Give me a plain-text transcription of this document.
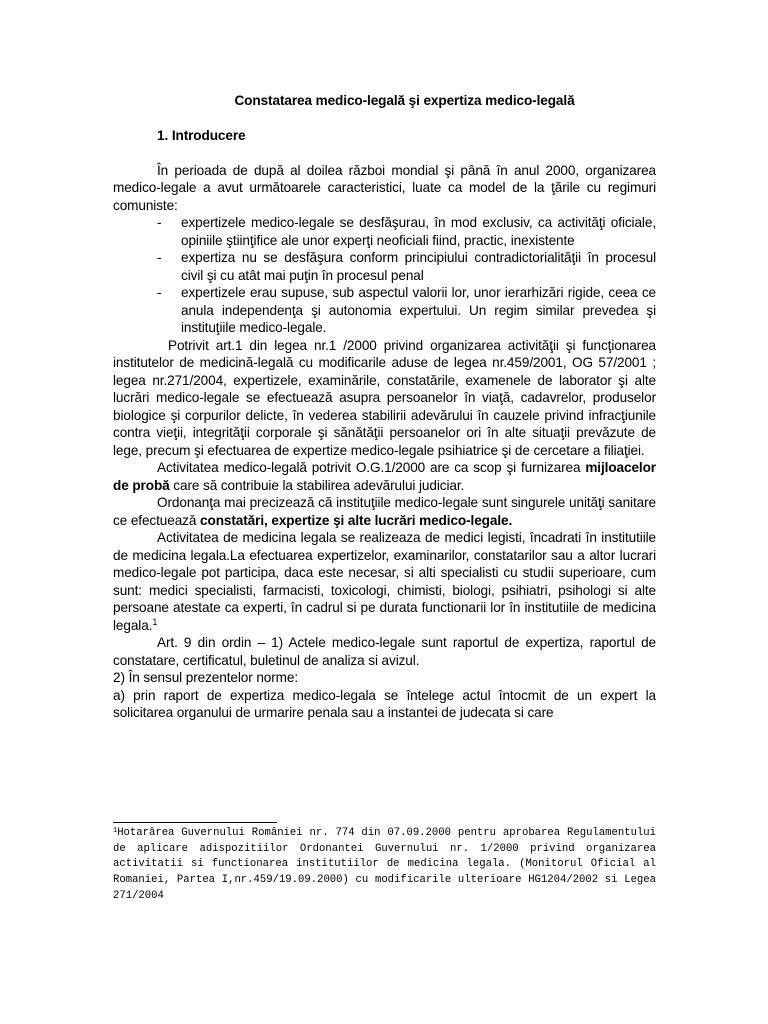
Constatarea medico-legală şi expertiza medico-legală
1. Introducere

În perioada de după al doilea război mondial şi până în anul 2000, organizarea medico-legale a avut următoarele caracteristici, luate ca model de la ţările cu regimuri comuniste:

- expertizele medico-legale se desfăşurau, în mod exclusiv, ca activităţi oficiale, opiniile ştiinţifice ale unor experţi neoficiali fiind, practic, inexistente
- expertiza nu se desfăşura conform principiului contradictorialităţii în procesul civil şi cu atât mai puţin în procesul penal
- expertizele erau supuse, sub aspectul valorii lor, unor ierarhizări rigide, ceea ce anula independenţa şi autonomia expertului. Un regim similar prevedea şi instituţiile medico-legale.

Potrivit art.1 din legea nr.1 /2000 privind organizarea activităţii şi funcţionarea institutelor de medicină-legală cu modificarile aduse de legea nr.459/2001, OG 57/2001 ; legea nr.271/2004, expertizele, examinările, constatările, examenele de laborator şi alte lucrări medico-legale se efectuează asupra persoanelor în viaţă, cadavrelor, produselor biologice şi corpurilor delicte, în vederea stabilirii adevărului în cauzele privind infracţiunile contra vieţii, integrităţii corporale şi sănătăţii persoanelor ori în alte situaţii prevăzute de lege, precum şi efectuarea de expertize medico-legale psihiatrice şi de cercetare a filiaţiei.

Activitatea medico-legală potrivit O.G.1/2000 are ca scop şi furnizarea mijloacelor de probă care să contribuie la stabilirea adevărului judiciar.

Ordonanţa mai precizează că instituţiile medico-legale sunt singurele unităţi sanitare ce efectuează constatări, expertize şi alte lucrări medico-legale.

Activitatea de medicina legala se realizeaza de medici legisti, încadrati în institutiile de medicina legala.La efectuarea expertizelor, examinarilor, constatarilor sau a altor lucrari medico-legale pot participa, daca este necesar, si alti specialisti cu studii superioare, cum sunt: medici specialisti, farmacisti, toxicologi, chimisti, biologi, psihiatri, psihologi si alte persoane atestate ca experti, în cadrul si pe durata functionarii lor în institutiile de medicina legala.$^1$

Art. 9 din ordin – 1) Actele medico-legale sunt raportul de expertiza, raportul de constatare, certificatul, buletinul de analiza si avizul.

2) În sensul prezentelor norme:

a) prin raport de expertiza medico-legala se întelege actul întocmit de un expert la solicitarea organului de urmarire penala sau a instantei de judecata si care

$^1$Hotarârea Guvernului României nr. 774 din 07.09.2000 pentru aprobarea Regulamentului de aplicare adispozitiilor Ordonantei Guvernului nr. 1/2000 privind organizarea activitatii si functionarea institutiilor de medicina legala. (Monitorul Oficial al Romaniei, Partea I,nr.459/19.09.2000) cu modificarile ulterioare HG1204/2002 si Legea 271/2004
